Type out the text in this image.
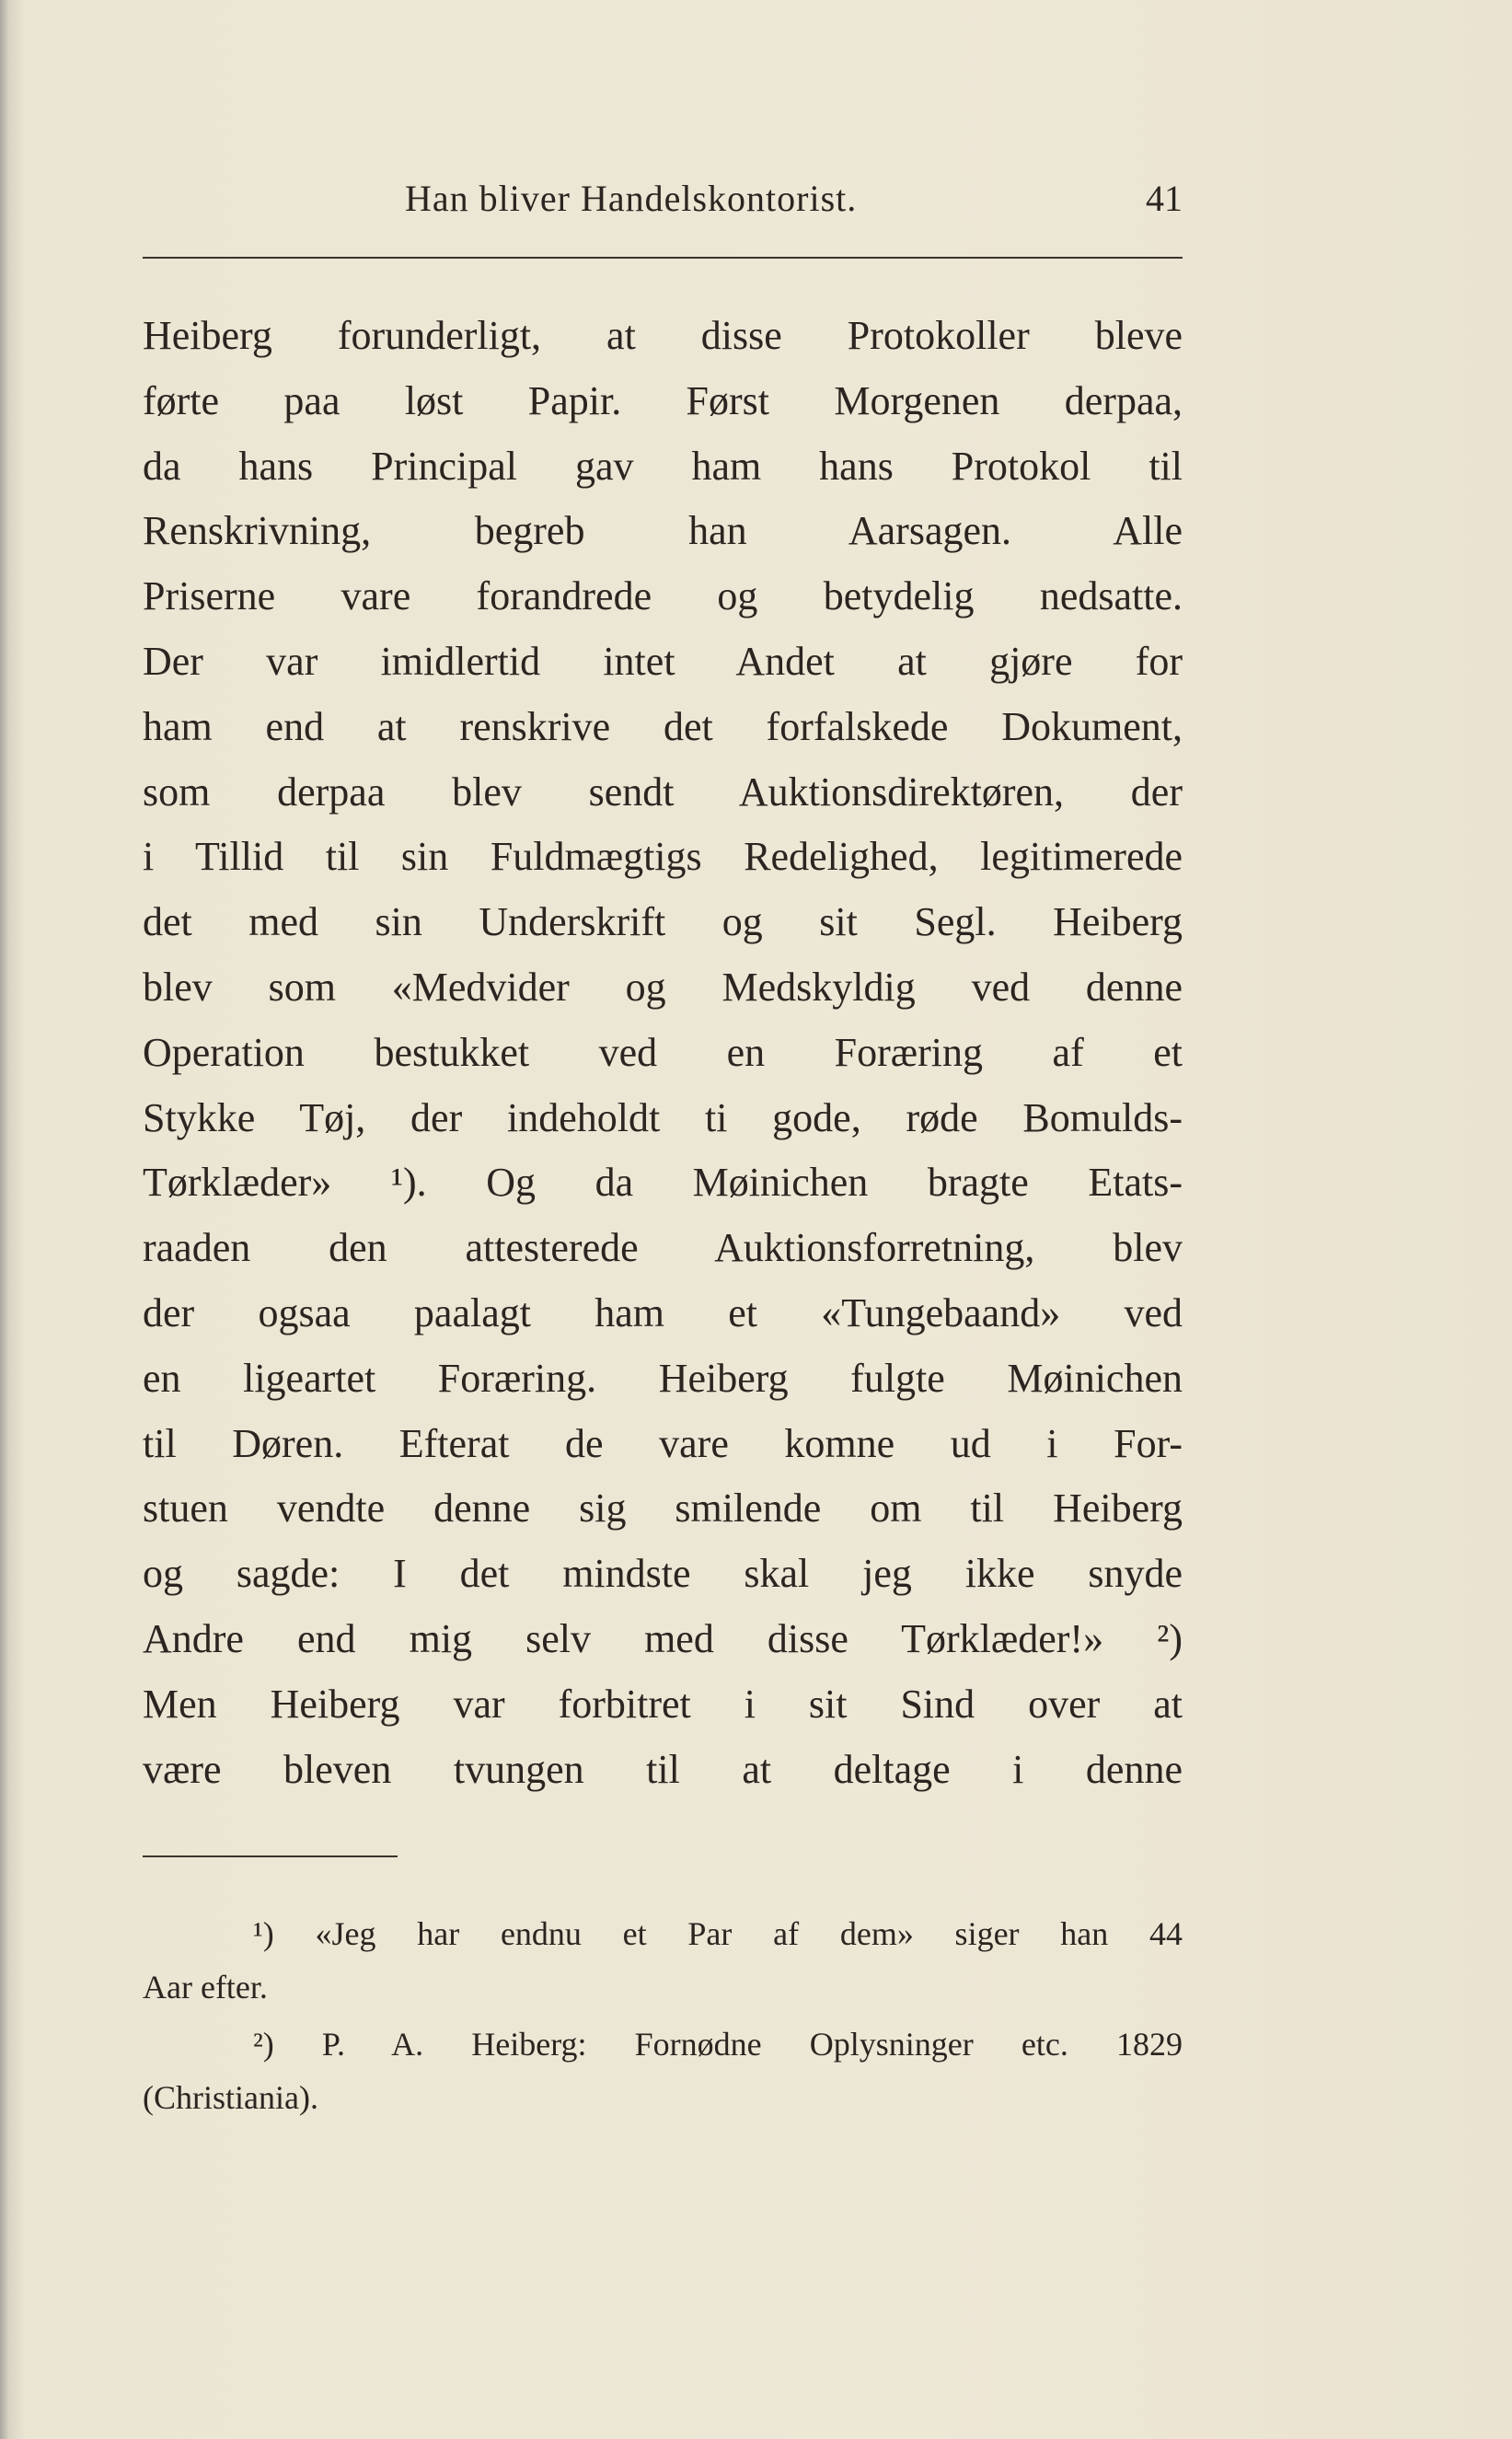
Han bliver Handelskontorist.	41
Heiberg forunderligt, at disse Protokoller bleve
førte paa løst Papir. Først Morgenen derpaa,
da hans Principal gav ham hans Protokol til
Renskrivning, begreb han Aarsagen. Alle
Priserne vare forandrede og betydelig nedsatte.
Der var imidlertid intet Andet at gjøre for
ham end at renskrive det forfalskede Dokument,
som derpaa blev sendt Auktionsdirektøren, der
i Tillid til sin Fuldmægtigs Redelighed, legitimerede
det med sin Underskrift og sit Segl. Heiberg
blev som «Medvider og Medskyldig ved denne
Operation bestukket ved en Foræring af et
Stykke Tøj, der indeholdt ti gode, røde Bomulds-
Tørklæder» ¹). Og da Møinichen bragte Etats-
raaden den attesterede Auktionsforretning, blev
der ogsaa paalagt ham et «Tungebaand» ved
en ligeartet Foræring. Heiberg fulgte Møinichen
til Døren. Efterat de vare komne ud i For-
stuen vendte denne sig smilende om til Heiberg
og sagde: I det mindste skal jeg ikke snyde
Andre end mig selv med disse Tørklæder!» ²)
Men Heiberg var forbitret i sit Sind over at
være bleven tvungen til at deltage i denne
¹) «Jeg har endnu et Par af dem» siger han 44
Aar efter.
²) P. A. Heiberg: Fornødne Oplysninger etc. 1829
(Christiania).
